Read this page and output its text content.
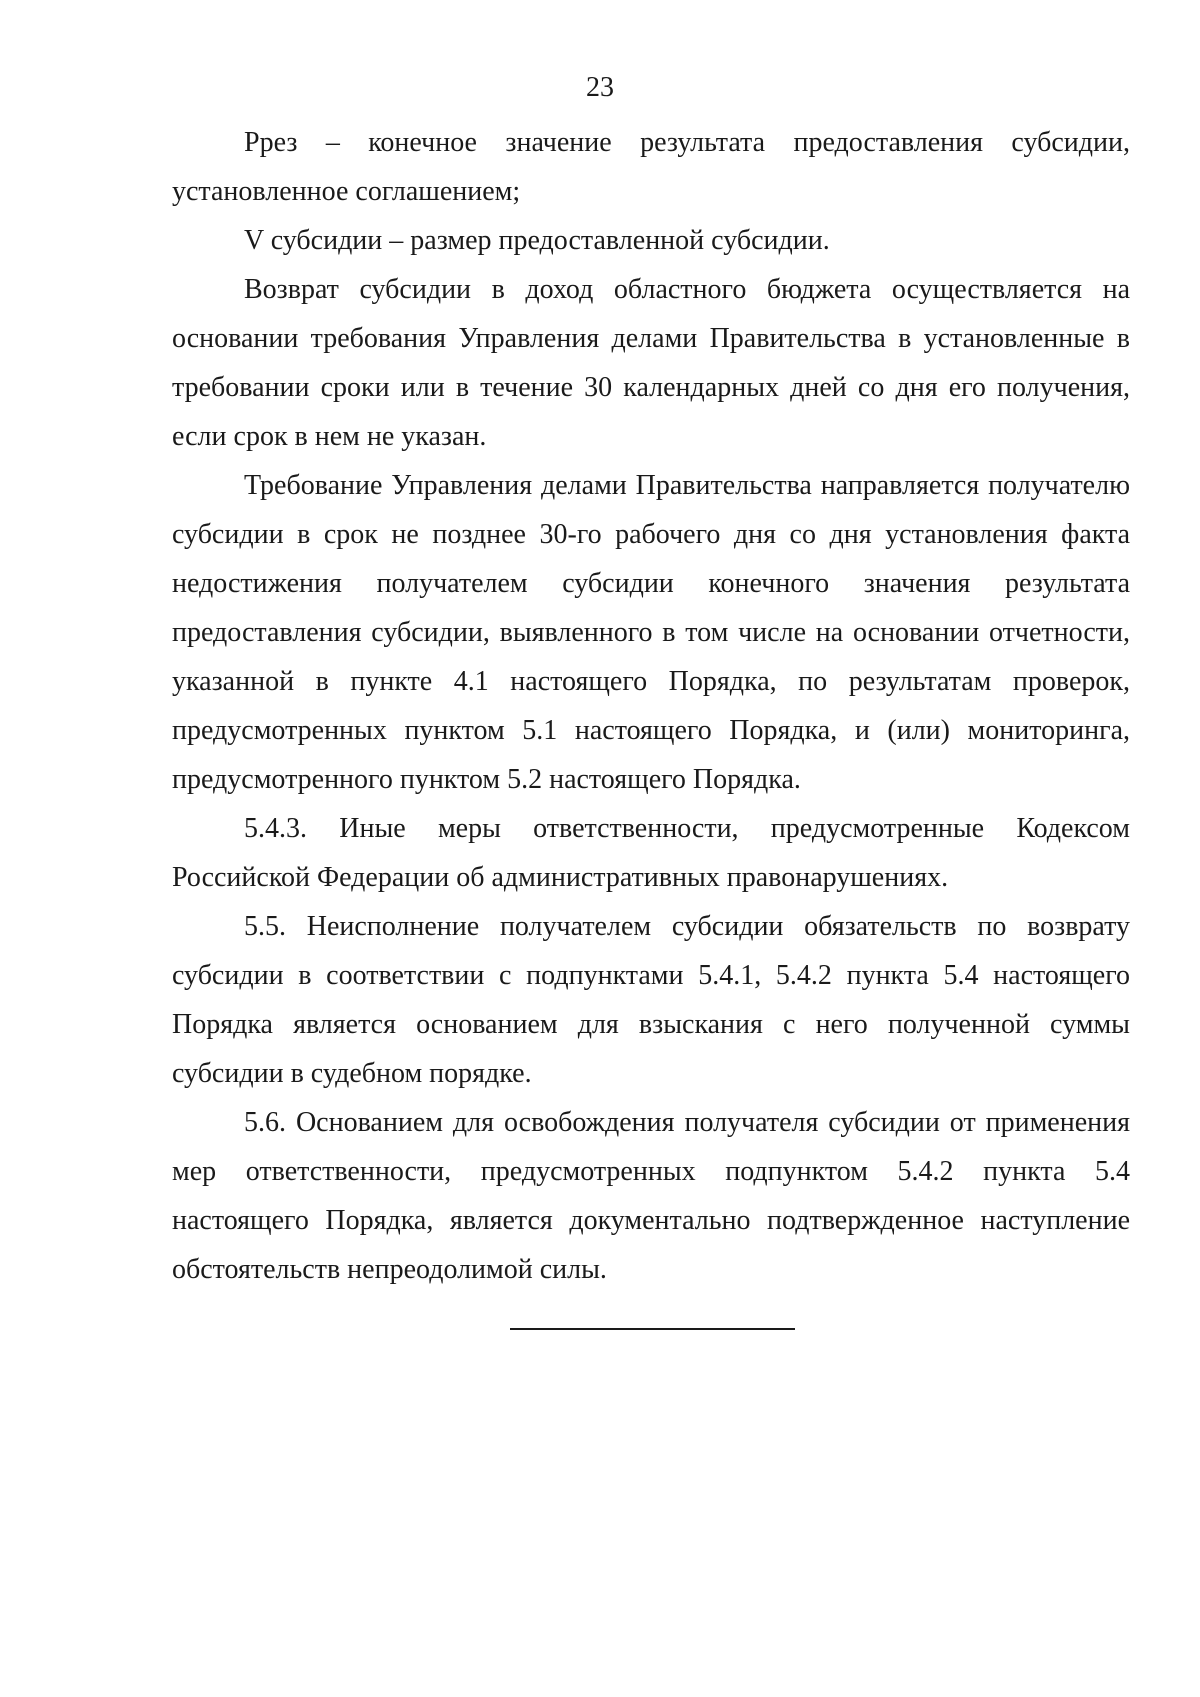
23

Pрез – конечное значение результата предоставления субсидии, установленное соглашением;

V субсидии – размер предоставленной субсидии.

Возврат субсидии в доход областного бюджета осуществляется на основании требования Управления делами Правительства в установленные в требовании сроки или в течение 30 календарных дней со дня его получения, если срок в нем не указан.

Требование Управления делами Правительства направляется получателю субсидии в срок не позднее 30-го рабочего дня со дня установления факта недостижения получателем субсидии конечного значения результата предоставления субсидии, выявленного в том числе на основании отчетности, указанной в пункте 4.1 настоящего Порядка, по результатам проверок, предусмотренных пунктом 5.1 настоящего Порядка, и (или) мониторинга, предусмотренного пунктом 5.2 настоящего Порядка.

5.4.3. Иные меры ответственности, предусмотренные Кодексом Российской Федерации об административных правонарушениях.

5.5. Неисполнение получателем субсидии обязательств по возврату субсидии в соответствии с подпунктами 5.4.1, 5.4.2 пункта 5.4 настоящего Порядка является основанием для взыскания с него полученной суммы субсидии в судебном порядке.

5.6. Основанием для освобождения получателя субсидии от применения мер ответственности, предусмотренных подпунктом 5.4.2 пункта 5.4 настоящего Порядка, является документально подтвержденное наступление обстоятельств непреодолимой силы.
